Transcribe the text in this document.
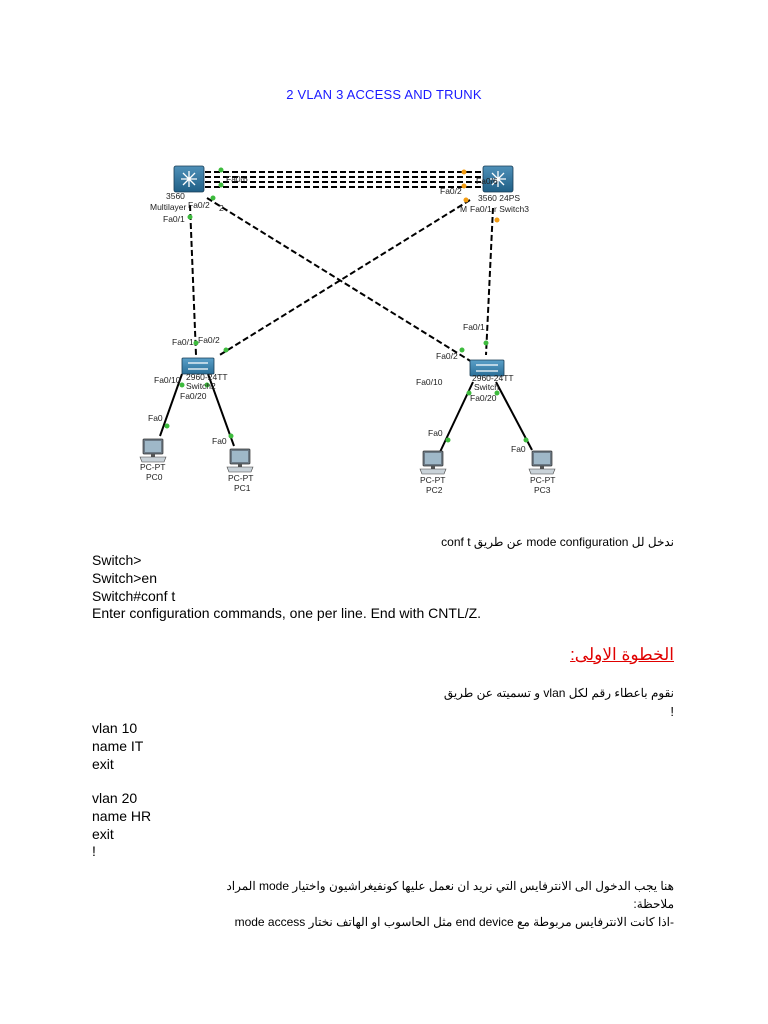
2 VLAN 3 ACCESS AND TRUNK
3560
Multilayer	2
Fa0/6
Fa0/2
Fa0/1
Fa0/6
Fa0/2
3560 24PS
M Fa0/1 r Switch3
Fa0/1 Fa0/2
Fa0/10 2960-24TT
Switch2
Fa0/20
Fa0/1
Fa0/2
Fa0/10	2960-24TT
Switch
Fa0/20
Fa0
PC-PT
PC0
Fa0
PC-PT
PC1
Fa0
PC-PT
PC2
Fa0
PC-PT
PC3
ندخل لل mode configuration عن طريق conf t
Switch>
Switch>en
Switch#conf t
Enter configuration commands, one per line. End with CNTL/Z.
الخطوة الاولى:
نقوم باعطاء رقم لكل vlan و تسميته عن طريق
!
vlan 10
name IT
exit
vlan 20
name HR
exit
!
هنا يجب الدخول الى الانترفايس التي نريد ان نعمل عليها كونفيغراشيون واختيار mode المراد
ملاحظة:
-اذا كانت الانترفايس مربوطة مع end device مثل الحاسوب او الهاتف نختار mode access
